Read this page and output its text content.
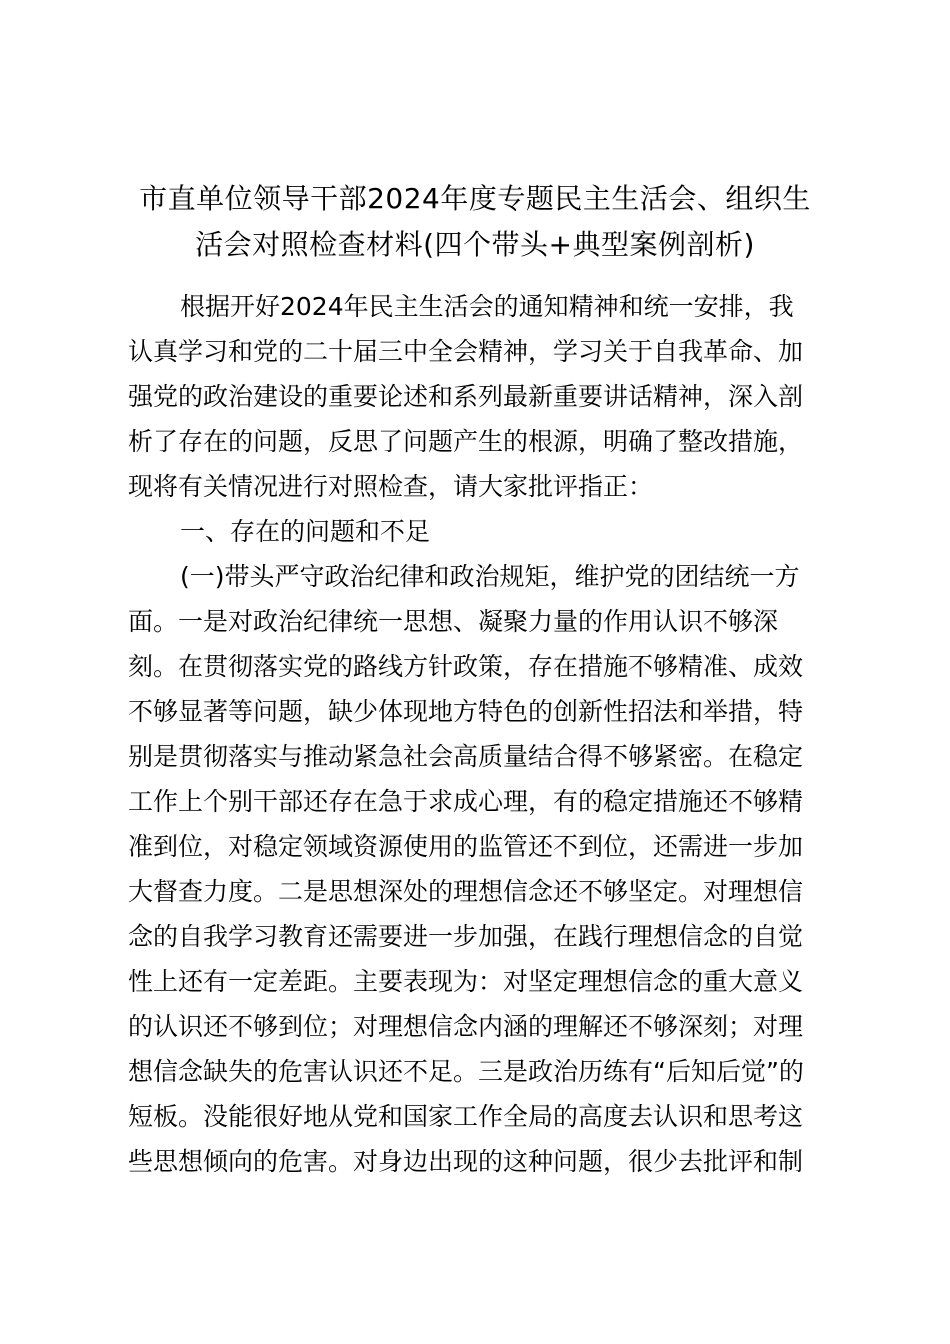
市直单位领导干部2024年度专题民主生活会、组织生
活会对照检查材料(四个带头+典型案例剖析)
根据开好2024年民主生活会的通知精神和统一安排，我
认真学习和党的二十届三中全会精神，学习关于自我革命、加
强党的政治建设的重要论述和系列最新重要讲话精神，深入剖
析了存在的问题，反思了问题产生的根源，明确了整改措施，
现将有关情况进行对照检查，请大家批评指正：
一、存在的问题和不足
(一)带头严守政治纪律和政治规矩，维护党的团结统一方
面。一是对政治纪律统一思想、凝聚力量的作用认识不够深
刻。在贯彻落实党的路线方针政策，存在措施不够精准、成效
不够显著等问题，缺少体现地方特色的创新性招法和举措，特
别是贯彻落实与推动紧急社会高质量结合得不够紧密。在稳定
工作上个别干部还存在急于求成心理，有的稳定措施还不够精
准到位，对稳定领域资源使用的监管还不到位，还需进一步加
大督查力度。二是思想深处的理想信念还不够坚定。对理想信
念的自我学习教育还需要进一步加强，在践行理想信念的自觉
性上还有一定差距。主要表现为：对坚定理想信念的重大意义
的认识还不够到位；对理想信念内涵的理解还不够深刻；对理
想信念缺失的危害认识还不足。三是政治历练有“后知后觉”的
短板。没能很好地从党和国家工作全局的高度去认识和思考这
些思想倾向的危害。对身边出现的这种问题，很少去批评和制
